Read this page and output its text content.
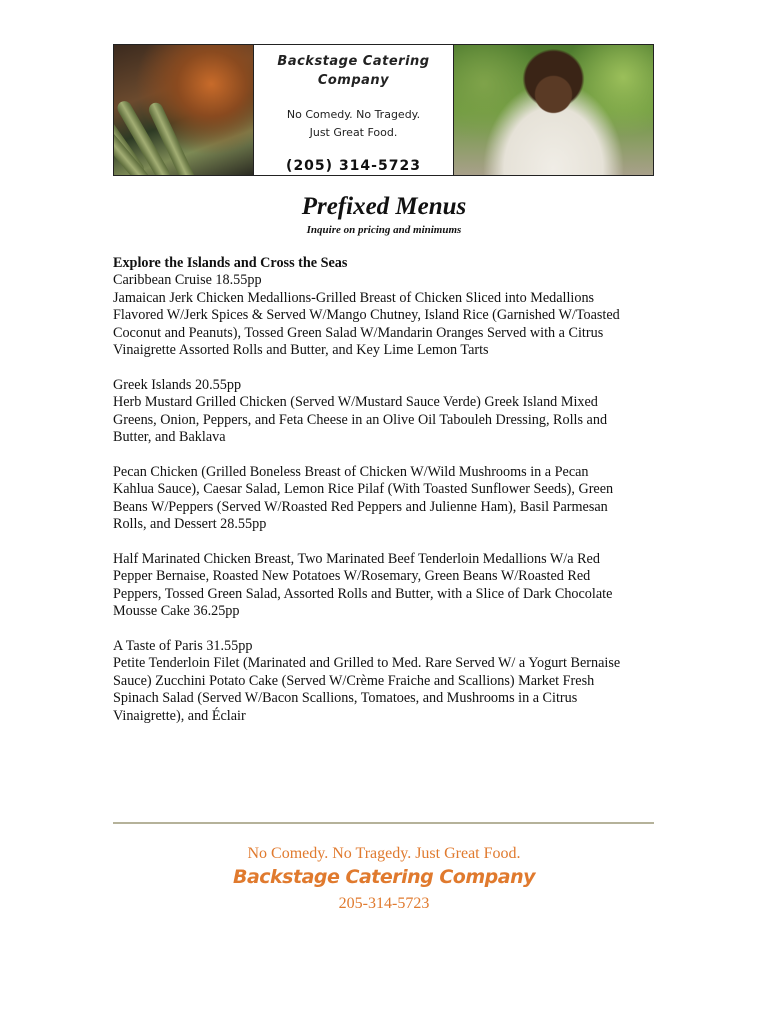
Backstage Catering
Company
No Comedy. No Tragedy.
Just Great Food.
(205) 314-5723
Prefixed Menus
Inquire on pricing and minimums
Explore the Islands and Cross the Seas

Caribbean Cruise 18.55pp

Jamaican Jerk Chicken Medallions-Grilled Breast of Chicken Sliced into Medallions

Flavored W/Jerk Spices & Served W/Mango Chutney, Island Rice (Garnished W/Toasted

Coconut and Peanuts), Tossed Green Salad W/Mandarin Oranges Served with a Citrus

Vinaigrette Assorted Rolls and Butter, and Key Lime Lemon Tarts

Greek Islands 20.55pp

Herb Mustard Grilled Chicken (Served W/Mustard Sauce Verde) Greek Island Mixed

Greens, Onion, Peppers, and Feta Cheese in an Olive Oil Tabouleh Dressing, Rolls and

Butter, and Baklava

Pecan Chicken (Grilled Boneless Breast of Chicken W/Wild Mushrooms in a Pecan

Kahlua Sauce), Caesar Salad, Lemon Rice Pilaf (With Toasted Sunflower Seeds), Green

Beans W/Peppers (Served W/Roasted Red Peppers and Julienne Ham), Basil Parmesan

Rolls, and Dessert 28.55pp

Half Marinated Chicken Breast, Two Marinated Beef Tenderloin Medallions W/a Red

Pepper Bernaise, Roasted New Potatoes W/Rosemary, Green Beans W/Roasted Red

Peppers, Tossed Green Salad, Assorted Rolls and Butter, with a Slice of Dark Chocolate

Mousse Cake 36.25pp

A Taste of Paris 31.55pp

Petite Tenderloin Filet (Marinated and Grilled to Med. Rare Served W/ a Yogurt Bernaise

Sauce) Zucchini Potato Cake (Served W/Crème Fraiche and Scallions) Market Fresh

Spinach Salad (Served W/Bacon Scallions, Tomatoes, and Mushrooms in a Citrus

Vinaigrette), and Éclair

No Comedy. No Tragedy. Just Great Food.
Backstage Catering Company
205-314-5723
